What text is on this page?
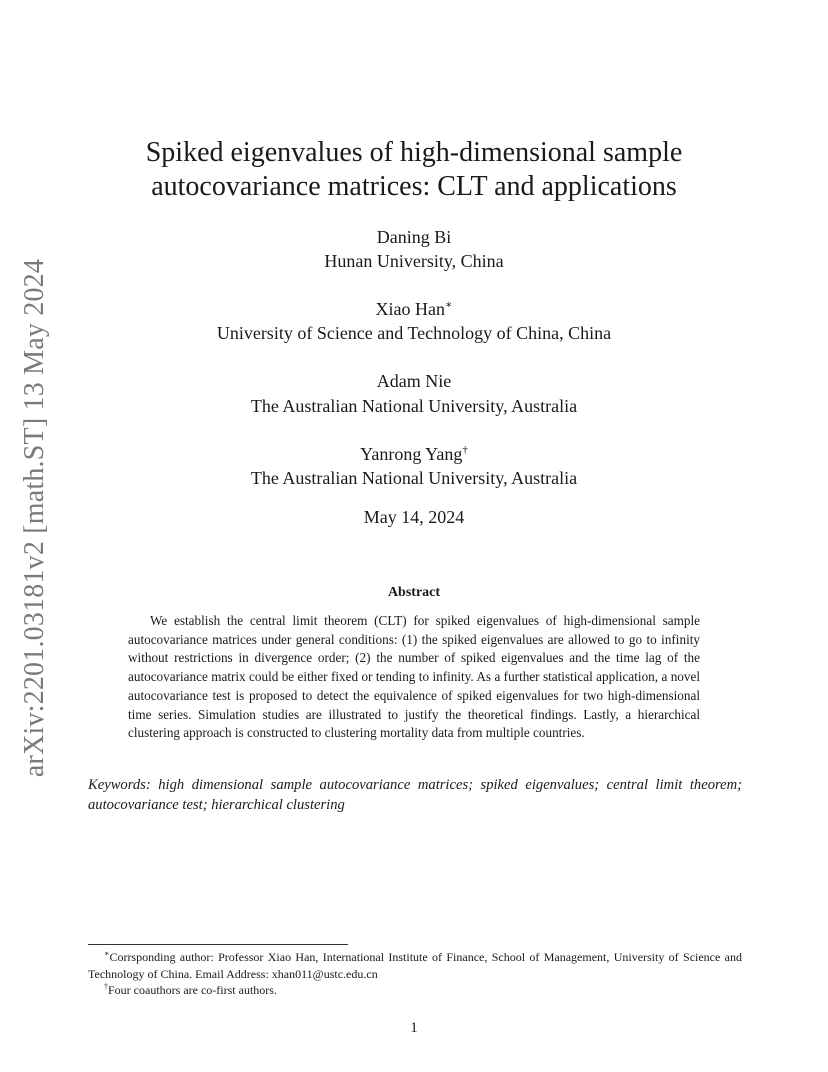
arXiv:2201.03181v2 [math.ST] 13 May 2024
Spiked eigenvalues of high-dimensional sample
autocovariance matrices: CLT and applications
Daning Bi
Hunan University, China
Xiao Han∗
University of Science and Technology of China, China
Adam Nie
The Australian National University, Australia
Yanrong Yang†
The Australian National University, Australia
May 14, 2024
Abstract
We establish the central limit theorem (CLT) for spiked eigenvalues of high-dimensional sample autocovariance matrices under general conditions: (1) the spiked eigenvalues are allowed to go to infinity without restrictions in divergence order; (2) the number of spiked eigenvalues and the time lag of the autocovariance matrix could be either fixed or tending to infinity. As a further statistical application, a novel autocovariance test is proposed to detect the equivalence of spiked eigenvalues for two high-dimensional time series. Simulation studies are illustrated to justify the theoretical findings. Lastly, a hierarchical clustering approach is constructed to clustering mortality data from multiple countries.
Keywords: high dimensional sample autocovariance matrices; spiked eigenvalues; central limit theorem; autocovariance test; hierarchical clustering

∗Corrsponding author: Professor Xiao Han, International Institute of Finance, School of Management, University of Science and Technology of China. Email Address: xhan011@ustc.edu.cn

†Four coauthors are co-first authors.

1
